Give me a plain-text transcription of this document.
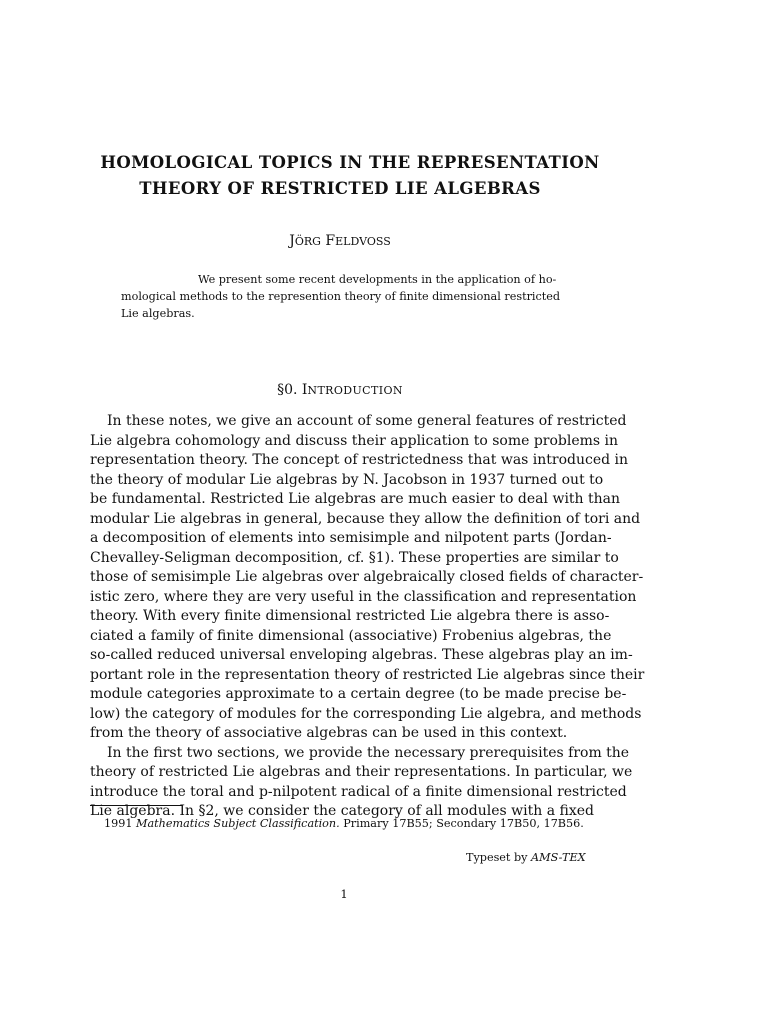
HOMOLOGICAL TOPICS IN THE REPRESENTATION
THEORY OF RESTRICTED LIE ALGEBRAS
JÖRG FELDVOSS
We present some recent developments in the application of ho-
mological methods to the represention theory of finite dimensional restricted
Lie algebras.
§0. INTRODUCTION
In these notes, we give an account of some general features of restricted
Lie algebra cohomology and discuss their application to some problems in
representation theory. The concept of restrictedness that was introduced in
the theory of modular Lie algebras by N. Jacobson in 1937 turned out to
be fundamental. Restricted Lie algebras are much easier to deal with than
modular Lie algebras in general, because they allow the definition of tori and
a decomposition of elements into semisimple and nilpotent parts (Jordan-
Chevalley-Seligman decomposition, cf. §1). These properties are similar to
those of semisimple Lie algebras over algebraically closed fields of character-
istic zero, where they are very useful in the classification and representation
theory. With every finite dimensional restricted Lie algebra there is asso-
ciated a family of finite dimensional (associative) Frobenius algebras, the
so-called reduced universal enveloping algebras. These algebras play an im-
portant role in the representation theory of restricted Lie algebras since their
module categories approximate to a certain degree (to be made precise be-
low) the category of modules for the corresponding Lie algebra, and methods
from the theory of associative algebras can be used in this context.
In the first two sections, we provide the necessary prerequisites from the
theory of restricted Lie algebras and their representations. In particular, we
introduce the toral and p-nilpotent radical of a finite dimensional restricted
Lie algebra. In §2, we consider the category of all modules with a fixed
1991 Mathematics Subject Classification. Primary 17B55; Secondary 17B50, 17B56.
Typeset by AMS-TEX
1
